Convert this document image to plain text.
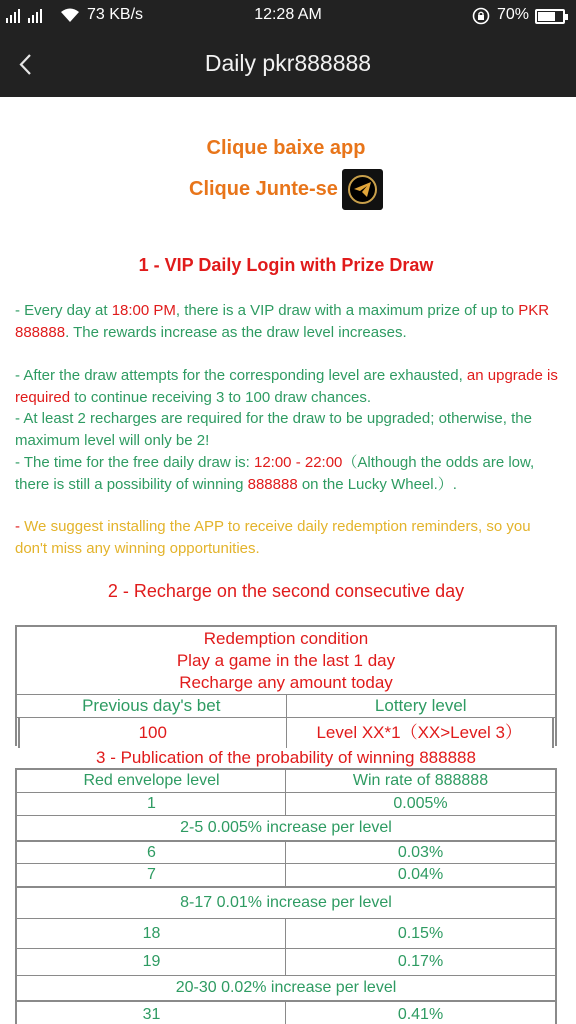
73 KB/s	12:28 AM	70%
Daily pkr888888
Clique baixe app
Clique Junte-se
1 - VIP Daily Login with Prize Draw
- Every day at 18:00 PM, there is a VIP draw with a maximum prize of up to PKR 888888. The rewards increase as the draw level increases.
- After the draw attempts for the corresponding level are exhausted, an upgrade is required to continue receiving 3 to 100 draw chances.
- At least 2 recharges are required for the draw to be upgraded; otherwise, the maximum level will only be 2!
- The time for the free daily draw is: 12:00 - 22:00（Although the odds are low, there is still a possibility of winning 888888 on the Lucky Wheel.）.
- We suggest installing the APP to receive daily redemption reminders, so you don't miss any winning opportunities.
2 - Recharge on the second consecutive day
Redemption condition
Play a game in the last 1 day
Recharge any amount today
Previous day's bet	Lottery level
100	Level XX*1（XX>Level 3）
3 - Publication of the probability of winning 888888
Red envelope level	Win rate of 888888
1	0.005%
2-5 0.005% increase per level
6	0.03%
7	0.04%
8-17 0.01% increase per level
18	0.15%
19	0.17%
20-30 0.02% increase per level
31	0.41%
